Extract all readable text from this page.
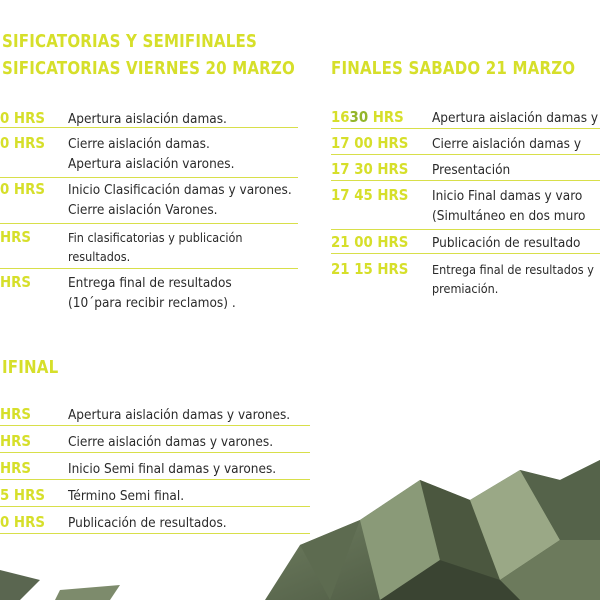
SIFICATORIAS Y SEMIFINALES
SIFICATORIAS VIERNES 20 MARZO
0 HRS Apertura aislación damas.
0 HRS Cierre aislación damas.
Apertura aislación varones.
0 HRS Inicio Clasificación damas y varones.
Cierre aislación Varones.
HRS	Fin clasificatorias y publicación
resultados.
HRS	Entrega final de resultados
(10´para recibir reclamos) .
IFINAL
HRS	Apertura aislación damas y varones.
HRS	Cierre aislación damas y varones.
HRS	Inicio Semi final damas y varones.
5 HRS Término Semi final.
0 HRS Publicación de resultados.
FINALES SABADO 21 MARZO
1630 HRS Apertura aislación damas y
17 00 HRS Cierre aislación damas y
17 30 HRS Presentación
17 45 HRS Inicio Final damas y varo
(Simultáneo en dos muro
21 00 HRS Publicación de resultado
21 15 HRS Entrega final de resultados y
premiación.
